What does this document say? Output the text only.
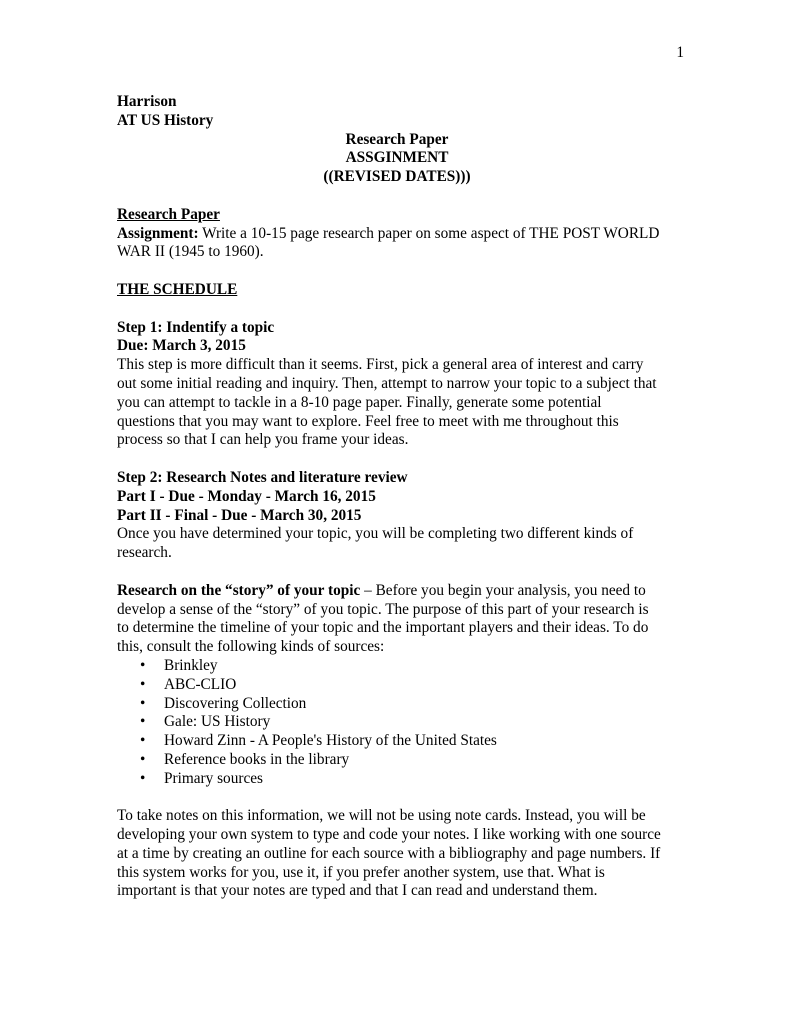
1
Harrison
AT US History
Research Paper
ASSGINMENT
((REVISED DATES)))
Research Paper
Assignment: Write a 10-15 page research paper on some aspect of THE POST WORLD
WAR II (1945 to 1960).
THE SCHEDULE
Step 1: Indentify a topic
Due: March 3, 2015
This step is more difficult than it seems. First, pick a general area of interest and carry
out some initial reading and inquiry. Then, attempt to narrow your topic to a subject that
you can attempt to tackle in a 8-10 page paper. Finally, generate some potential
questions that you may want to explore. Feel free to meet with me throughout this
process so that I can help you frame your ideas.
Step 2: Research Notes and literature review
Part I - Due - Monday - March 16, 2015
Part II - Final - Due - March 30, 2015
Once you have determined your topic, you will be completing two different kinds of
research.
Research on the “story” of your topic – Before you begin your analysis, you need to
develop a sense of the “story” of you topic. The purpose of this part of your research is
to determine the timeline of your topic and the important players and their ideas. To do
this, consult the following kinds of sources:
• Brinkley
• ABC-CLIO
• Discovering Collection
• Gale: US History
• Howard Zinn - A People's History of the United States
• Reference books in the library
• Primary sources
To take notes on this information, we will not be using note cards. Instead, you will be
developing your own system to type and code your notes. I like working with one source
at a time by creating an outline for each source with a bibliography and page numbers. If
this system works for you, use it, if you prefer another system, use that. What is
important is that your notes are typed and that I can read and understand them.
